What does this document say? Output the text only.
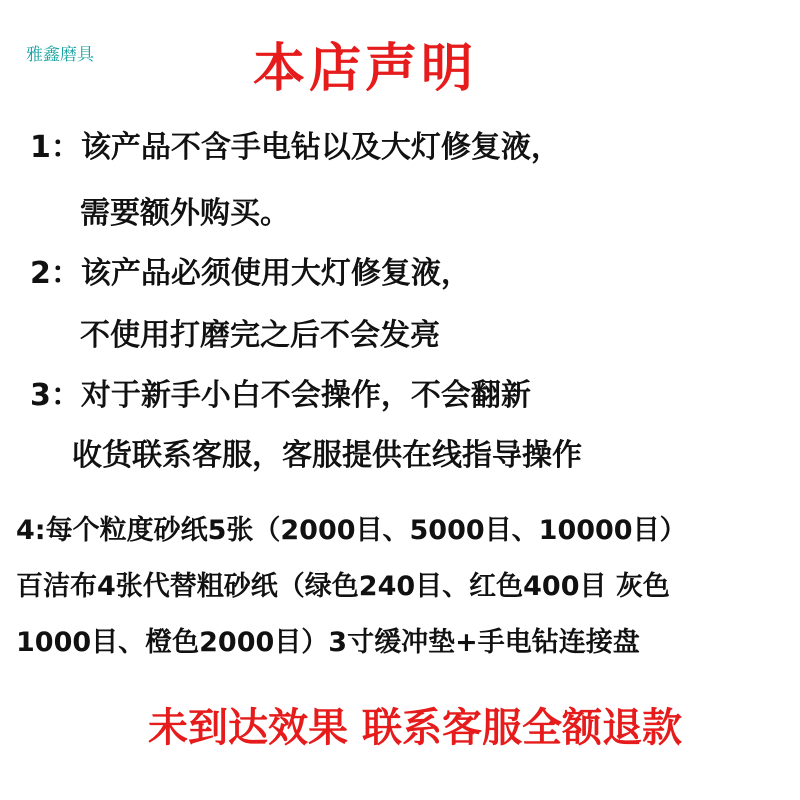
雅鑫磨具	本店声明
1：该产品不含手电钻以及大灯修复液，
需要额外购买。
2：该产品必须使用大灯修复液，
不使用打磨完之后不会发亮
3：对于新手小白不会操作，不会翻新
收货联系客服，客服提供在线指导操作
4:每个粒度砂纸5张（2000目、5000目、10000目）
百洁布4张代替粗砂纸（绿色240目、红色400目 灰色
1000目、橙色2000目）3寸缓冲垫+手电钻连接盘
未到达效果 联系客服全额退款
